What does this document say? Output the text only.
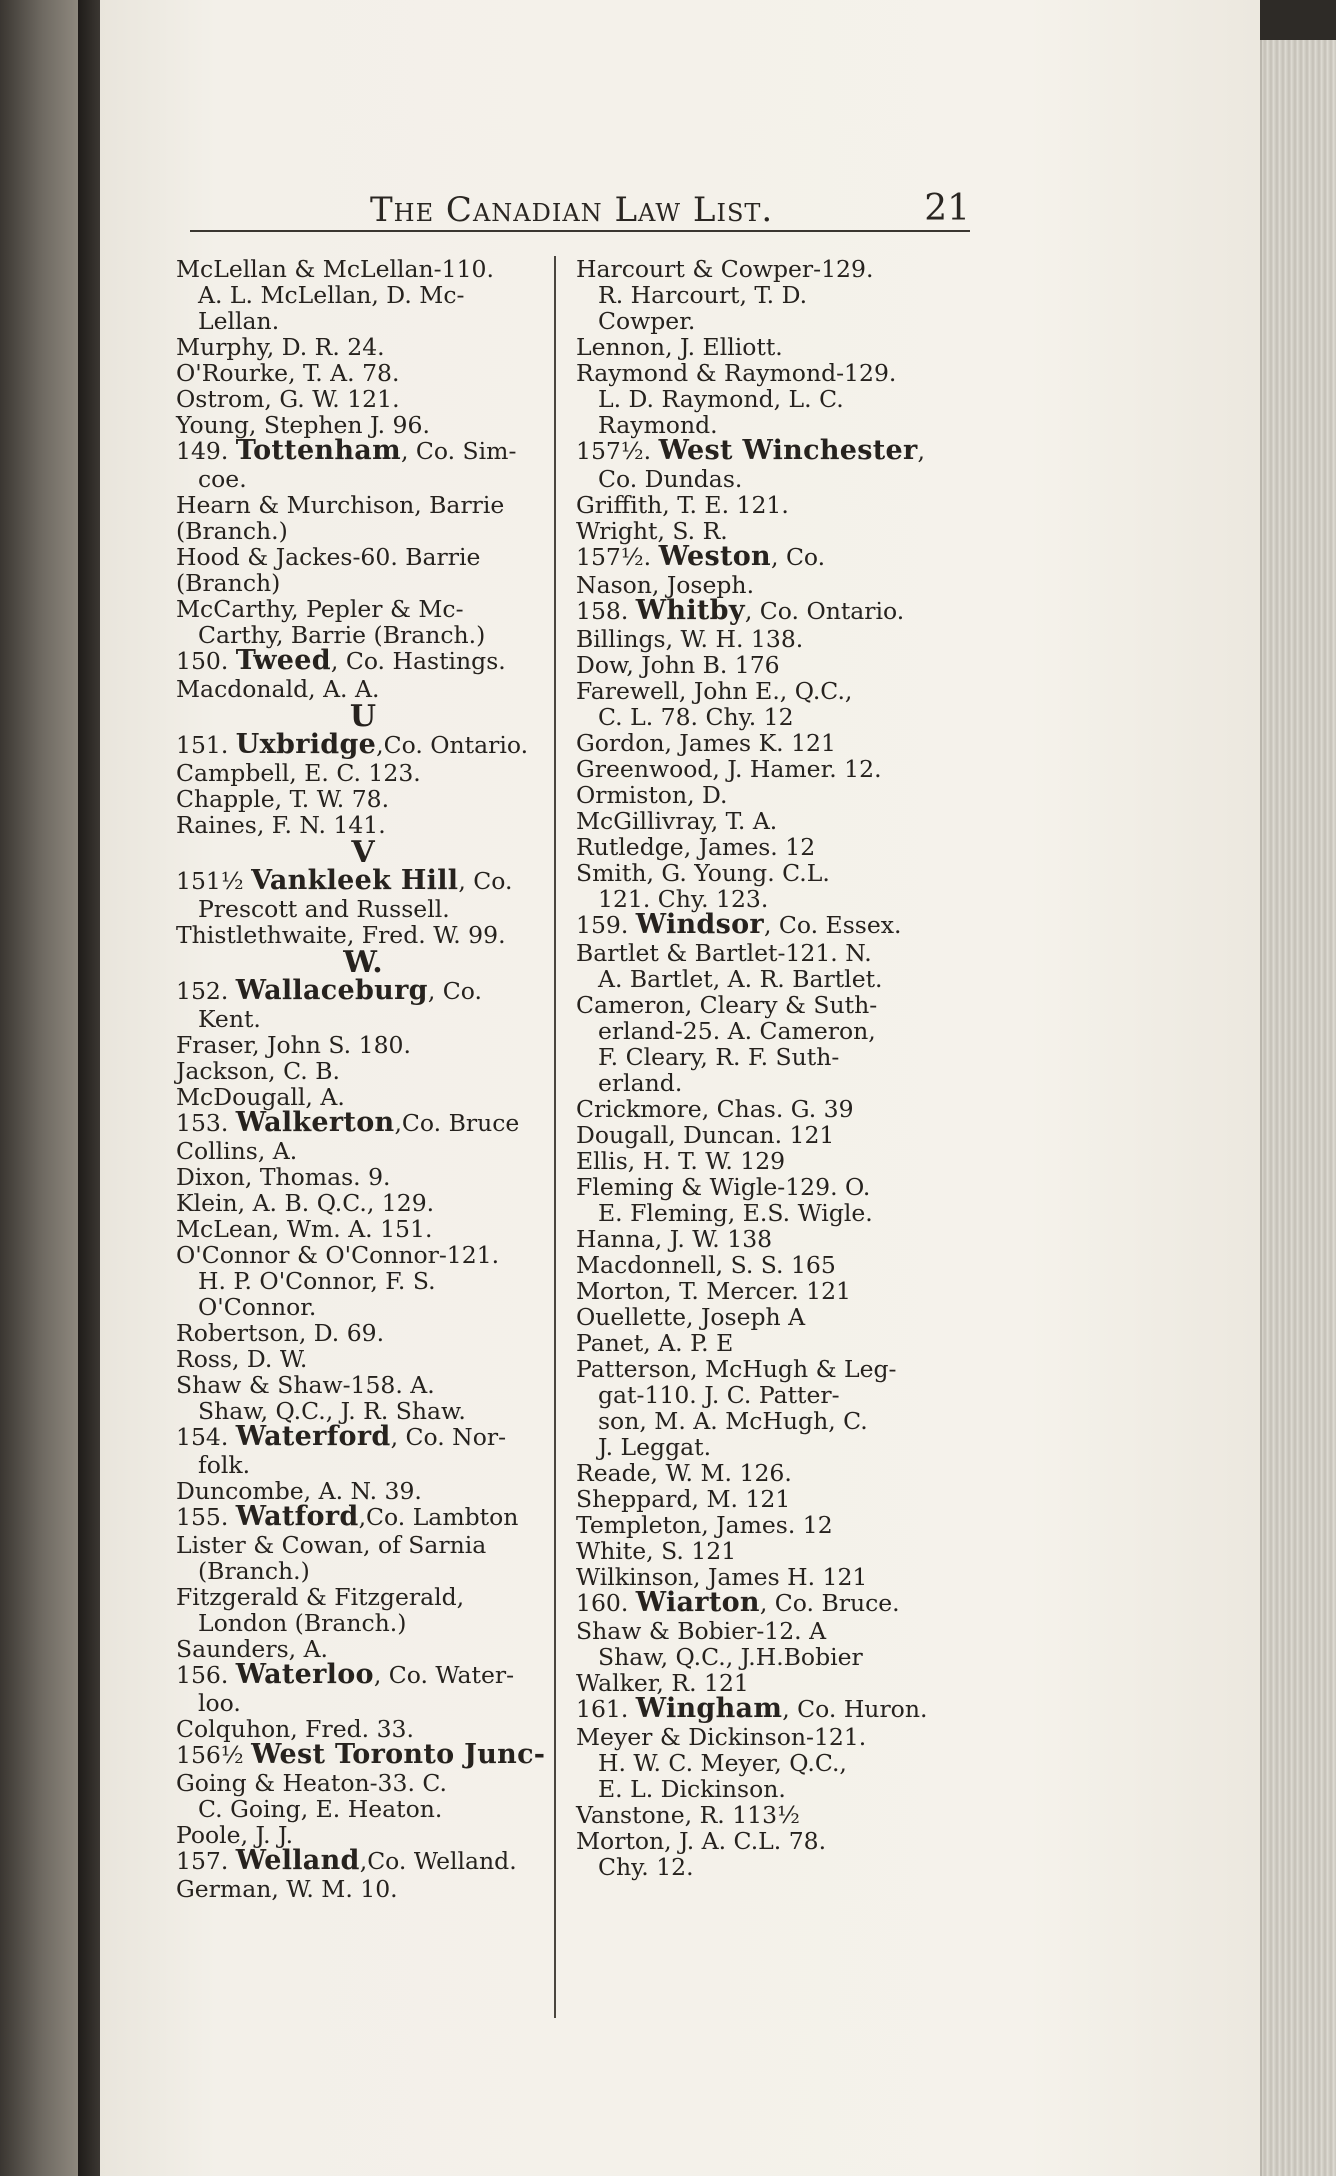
The Canadian Law List.	21
McLellan & McLellan-110.
A. L. McLellan, D. Mc-
Lellan.
Murphy, D. R. 24.
O'Rourke, T. A. 78.
Ostrom, G. W. 121.
Young, Stephen J. 96.
149. Tottenham, Co. Sim-
coe.
Hearn & Murchison, Barrie
(Branch.)
Hood & Jackes-60. Barrie
(Branch)
McCarthy, Pepler & Mc-
Carthy, Barrie (Branch.)
150. Tweed, Co. Hastings.
Macdonald, A. A.
U
151. Uxbridge,Co. Ontario.
Campbell, E. C. 123.
Chapple, T. W. 78.
Raines, F. N. 141.
V
151½ Vankleek Hill, Co.
Prescott and Russell.
Thistlethwaite, Fred. W. 99.
W.
152. Wallaceburg, Co.
Kent.
Fraser, John S. 180.
Jackson, C. B.
McDougall, A.
153. Walkerton,Co. Bruce
Collins, A.
Dixon, Thomas. 9.
Klein, A. B. Q.C., 129.
McLean, Wm. A. 151.
O'Connor & O'Connor-121.
H. P. O'Connor, F. S.
O'Connor.
Robertson, D. 69.
Ross, D. W.
Shaw & Shaw-158. A.
Shaw, Q.C., J. R. Shaw.
154. Waterford, Co. Nor-
folk.
Duncombe, A. N. 39.
155. Watford,Co. Lambton
Lister & Cowan, of Sarnia
(Branch.)
Fitzgerald & Fitzgerald,
London (Branch.)
Saunders, A.
156. Waterloo, Co. Water-
loo.
Colquhon, Fred. 33.
156½ West Toronto Junc-
Going & Heaton-33. C.
C. Going, E. Heaton.
Poole, J. J.
157. Welland,Co. Welland.
German, W. M. 10.
Harcourt & Cowper-129.
R. Harcourt, T. D.
Cowper.
Lennon, J. Elliott.
Raymond & Raymond-129.
L. D. Raymond, L. C.
Raymond.
157½. West Winchester,
Co. Dundas.
Griffith, T. E. 121.
Wright, S. R.
157½. Weston, Co.
Nason, Joseph.
158. Whitby, Co. Ontario.
Billings, W. H. 138.
Dow, John B. 176
Farewell, John E., Q.C.,
C. L. 78. Chy. 12
Gordon, James K. 121
Greenwood, J. Hamer. 12.
Ormiston, D.
McGillivray, T. A.
Rutledge, James. 12
Smith, G. Young. C.L.
121. Chy. 123.
159. Windsor, Co. Essex.
Bartlet & Bartlet-121. N.
A. Bartlet, A. R. Bartlet.
Cameron, Cleary & Suth-
erland-25. A. Cameron,
F. Cleary, R. F. Suth-
erland.
Crickmore, Chas. G. 39
Dougall, Duncan. 121
Ellis, H. T. W. 129
Fleming & Wigle-129. O.
E. Fleming, E.S. Wigle.
Hanna, J. W. 138
Macdonnell, S. S. 165
Morton, T. Mercer. 121
Ouellette, Joseph A
Panet, A. P. E
Patterson, McHugh & Leg-
gat-110. J. C. Patter-
son, M. A. McHugh, C.
J. Leggat.
Reade, W. M. 126.
Sheppard, M. 121
Templeton, James. 12
White, S. 121
Wilkinson, James H. 121
160. Wiarton, Co. Bruce.
Shaw & Bobier-12. A
Shaw, Q.C., J.H.Bobier
Walker, R. 121
161. Wingham, Co. Huron.
Meyer & Dickinson-121.
H. W. C. Meyer, Q.C.,
E. L. Dickinson.
Vanstone, R. 113½
Morton, J. A. C.L. 78.
Chy. 12.
